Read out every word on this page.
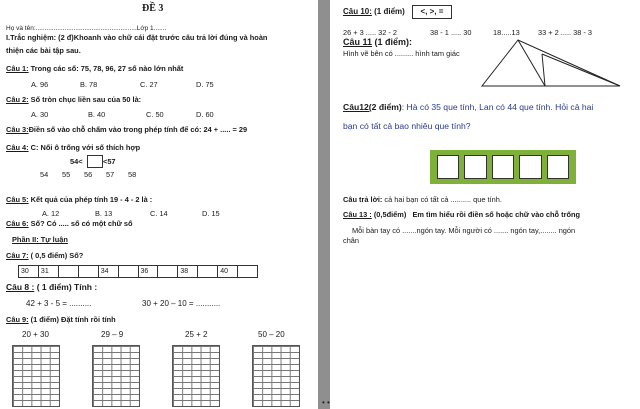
ĐỀ 3
Họ và tên:........................................................Lớp 1.......
I.Trắc nghiệm: (2 đ)Khoanh vào chữ cái đặt trước câu trả lời đúng và hoàn
thiện các bài tập sau.
Câu 1: Trong các số: 75, 78, 96, 27 số nào lớn nhất
A. 96	B. 78	C. 27	D. 75
Câu 2: Số tròn chục liền sau của 50 là:
A. 30	B. 40	C. 50	D. 60
Câu 3:Điền số vào chỗ chấm vào trong phép tính để có: 24 + ..... = 29
Câu 4: C: Nối ô trống với số thích hợp
54<	<57
54 55 56 57 58
Câu 5: Kết quả của phép tính 19 - 4 - 2 là :
A. 12	B. 13	C. 14	D. 15
Câu 6: Số? Có ..... số có một chữ số
Phần II: Tự luận
Câu 7: ( 0,5 điểm) Số?
30	31	34	36	38	40
Câu 8 : ( 1 điểm) Tính :
42 + 3 - 5 = ..........	30 + 20 – 10 = ...........
Câu 9: (1 điểm) Đặt tính rồi tính
20 + 30	29 – 9	25 + 2	50 – 20
• •
Câu 10: (1 điểm)	<, >, =
26 + 3 ..... 32 - 2	38 - 1 ..... 30	18.....13 33 + 2 ..... 38 - 3
Câu 11 (1 điểm):
Hình vẽ bên có ......... hình tam giác
Câu12(2 điểm): Hà có 35 que tính, Lan có 44 que tính. Hỏi cả hai
bạn có tất cả bao nhiêu que tính?
Câu trả lời: cả hai bạn có tất cả .......... que tính.
Câu 13 : (0,5điểm) Em tìm hiểu rồi điền số hoặc chữ vào chỗ trống
Mỗi bàn tay có .......ngón tay. Mỗi người có ....... ngón tay,........ ngón
chân
